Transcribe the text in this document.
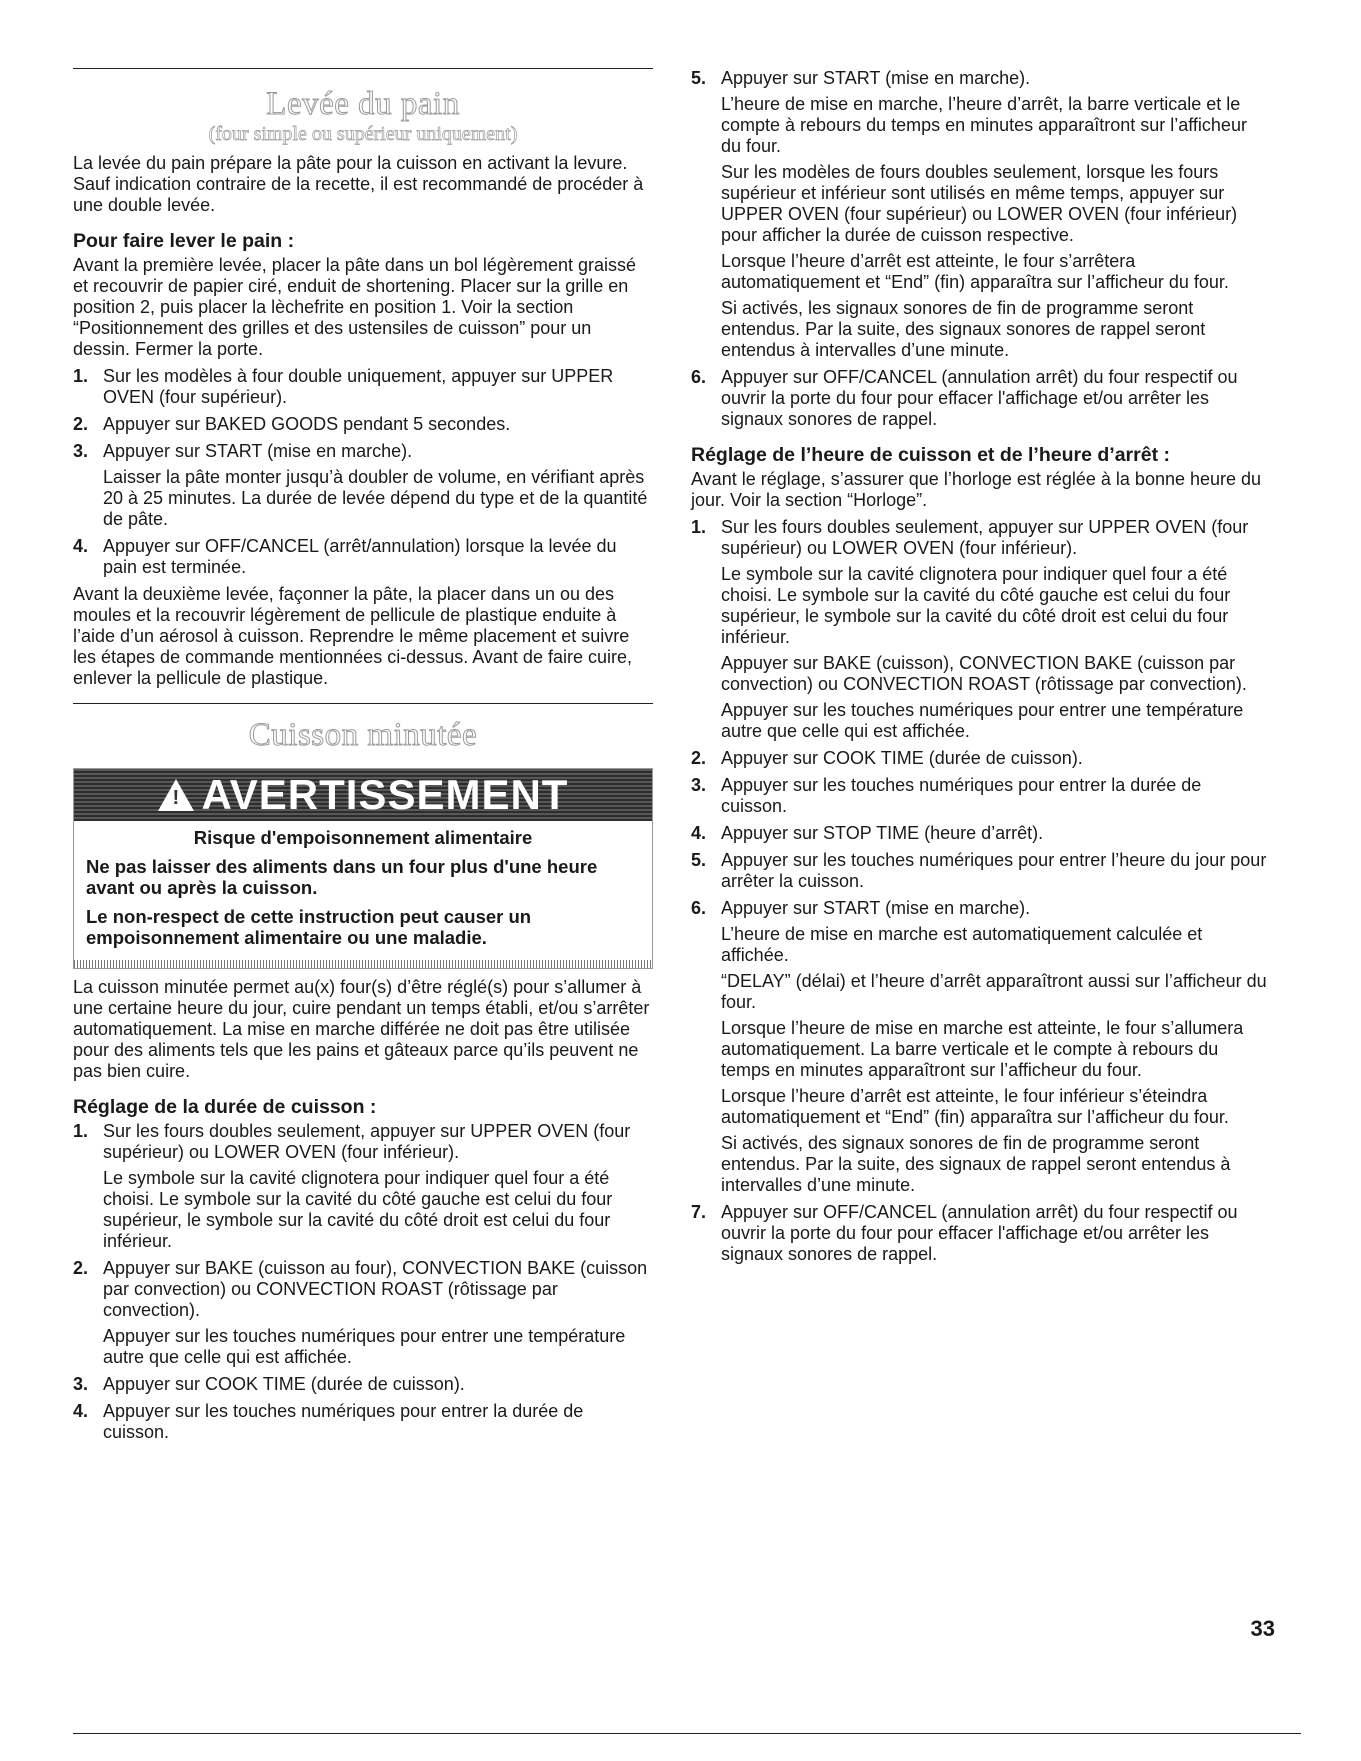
Levée du pain
(four simple ou supérieur uniquement)

La levée du pain prépare la pâte pour la cuisson en activant la levure. Sauf indication contraire de la recette, il est recommandé de procéder à une double levée.

Pour faire lever le pain :

Avant la première levée, placer la pâte dans un bol légèrement graissé et recouvrir de papier ciré, enduit de shortening. Placer sur la grille en position 2, puis placer la lèchefrite en position 1. Voir la section “Positionnement des grilles et des ustensiles de cuisson” pour un dessin. Fermer la porte.

1. Sur les modèles à four double uniquement, appuyer sur UPPER OVEN (four supérieur).

2. Appuyer sur BAKED GOODS pendant 5 secondes.

3. Appuyer sur START (mise en marche).

Laisser la pâte monter jusqu’à doubler de volume, en vérifiant après 20 à 25 minutes. La durée de levée dépend du type et de la quantité de pâte.

4. Appuyer sur OFF/CANCEL (arrêt/annulation) lorsque la levée du pain est terminée.

Avant la deuxième levée, façonner la pâte, la placer dans un ou des moules et la recouvrir légèrement de pellicule de plastique enduite à l’aide d’un aérosol à cuisson. Reprendre le même placement et suivre les étapes de commande mentionnées ci-dessus. Avant de faire cuire, enlever la pellicule de plastique.

Cuisson minutée
! AVERTISSEMENT
Risque d'empoisonnement alimentaire

Ne pas laisser des aliments dans un four plus d'une heure avant ou après la cuisson.

Le non-respect de cette instruction peut causer un empoisonnement alimentaire ou une maladie.

La cuisson minutée permet au(x) four(s) d’être réglé(s) pour s’allumer à une certaine heure du jour, cuire pendant un temps établi, et/ou s’arrêter automatiquement. La mise en marche différée ne doit pas être utilisée pour des aliments tels que les pains et gâteaux parce qu’ils peuvent ne pas bien cuire.

Réglage de la durée de cuisson :
1. Sur les fours doubles seulement, appuyer sur UPPER OVEN (four supérieur) ou LOWER OVEN (four inférieur).

Le symbole sur la cavité clignotera pour indiquer quel four a été choisi. Le symbole sur la cavité du côté gauche est celui du four supérieur, le symbole sur la cavité du côté droit est celui du four inférieur.

2. Appuyer sur BAKE (cuisson au four), CONVECTION BAKE (cuisson par convection) ou CONVECTION ROAST (rôtissage par convection).

Appuyer sur les touches numériques pour entrer une température autre que celle qui est affichée.

3. Appuyer sur COOK TIME (durée de cuisson).

4. Appuyer sur les touches numériques pour entrer la durée de cuisson.

5. Appuyer sur START (mise en marche).

L’heure de mise en marche, l’heure d’arrêt, la barre verticale et le compte à rebours du temps en minutes apparaîtront sur l’afficheur du four.

Sur les modèles de fours doubles seulement, lorsque les fours supérieur et inférieur sont utilisés en même temps, appuyer sur UPPER OVEN (four supérieur) ou LOWER OVEN (four inférieur) pour afficher la durée de cuisson respective.

Lorsque l’heure d’arrêt est atteinte, le four s’arrêtera automatiquement et “End” (fin) apparaîtra sur l’afficheur du four.

Si activés, les signaux sonores de fin de programme seront entendus. Par la suite, des signaux sonores de rappel seront entendus à intervalles d’une minute.

6. Appuyer sur OFF/CANCEL (annulation arrêt) du four respectif ou ouvrir la porte du four pour effacer l'affichage et/ou arrêter les signaux sonores de rappel.

Réglage de l’heure de cuisson et de l’heure d’arrêt :

Avant le réglage, s’assurer que l’horloge est réglée à la bonne heure du jour. Voir la section “Horloge”.

1. Sur les fours doubles seulement, appuyer sur UPPER OVEN (four supérieur) ou LOWER OVEN (four inférieur).

Le symbole sur la cavité clignotera pour indiquer quel four a été choisi. Le symbole sur la cavité du côté gauche est celui du four supérieur, le symbole sur la cavité du côté droit est celui du four inférieur.

Appuyer sur BAKE (cuisson), CONVECTION BAKE (cuisson par convection) ou CONVECTION ROAST (rôtissage par convection).

Appuyer sur les touches numériques pour entrer une température autre que celle qui est affichée.

2. Appuyer sur COOK TIME (durée de cuisson).

3. Appuyer sur les touches numériques pour entrer la durée de cuisson.

4. Appuyer sur STOP TIME (heure d’arrêt).

5. Appuyer sur les touches numériques pour entrer l’heure du jour pour arrêter la cuisson.

6. Appuyer sur START (mise en marche).

L’heure de mise en marche est automatiquement calculée et affichée.

“DELAY” (délai) et l’heure d’arrêt apparaîtront aussi sur l’afficheur du four.

Lorsque l’heure de mise en marche est atteinte, le four s’allumera automatiquement. La barre verticale et le compte à rebours du temps en minutes apparaîtront sur l’afficheur du four.

Lorsque l’heure d’arrêt est atteinte, le four inférieur s’éteindra automatiquement et “End” (fin) apparaîtra sur l’afficheur du four.

Si activés, des signaux sonores de fin de programme seront entendus. Par la suite, des signaux de rappel seront entendus à intervalles d’une minute.

7. Appuyer sur OFF/CANCEL (annulation arrêt) du four respectif ou ouvrir la porte du four pour effacer l'affichage et/ou arrêter les signaux sonores de rappel.

33
